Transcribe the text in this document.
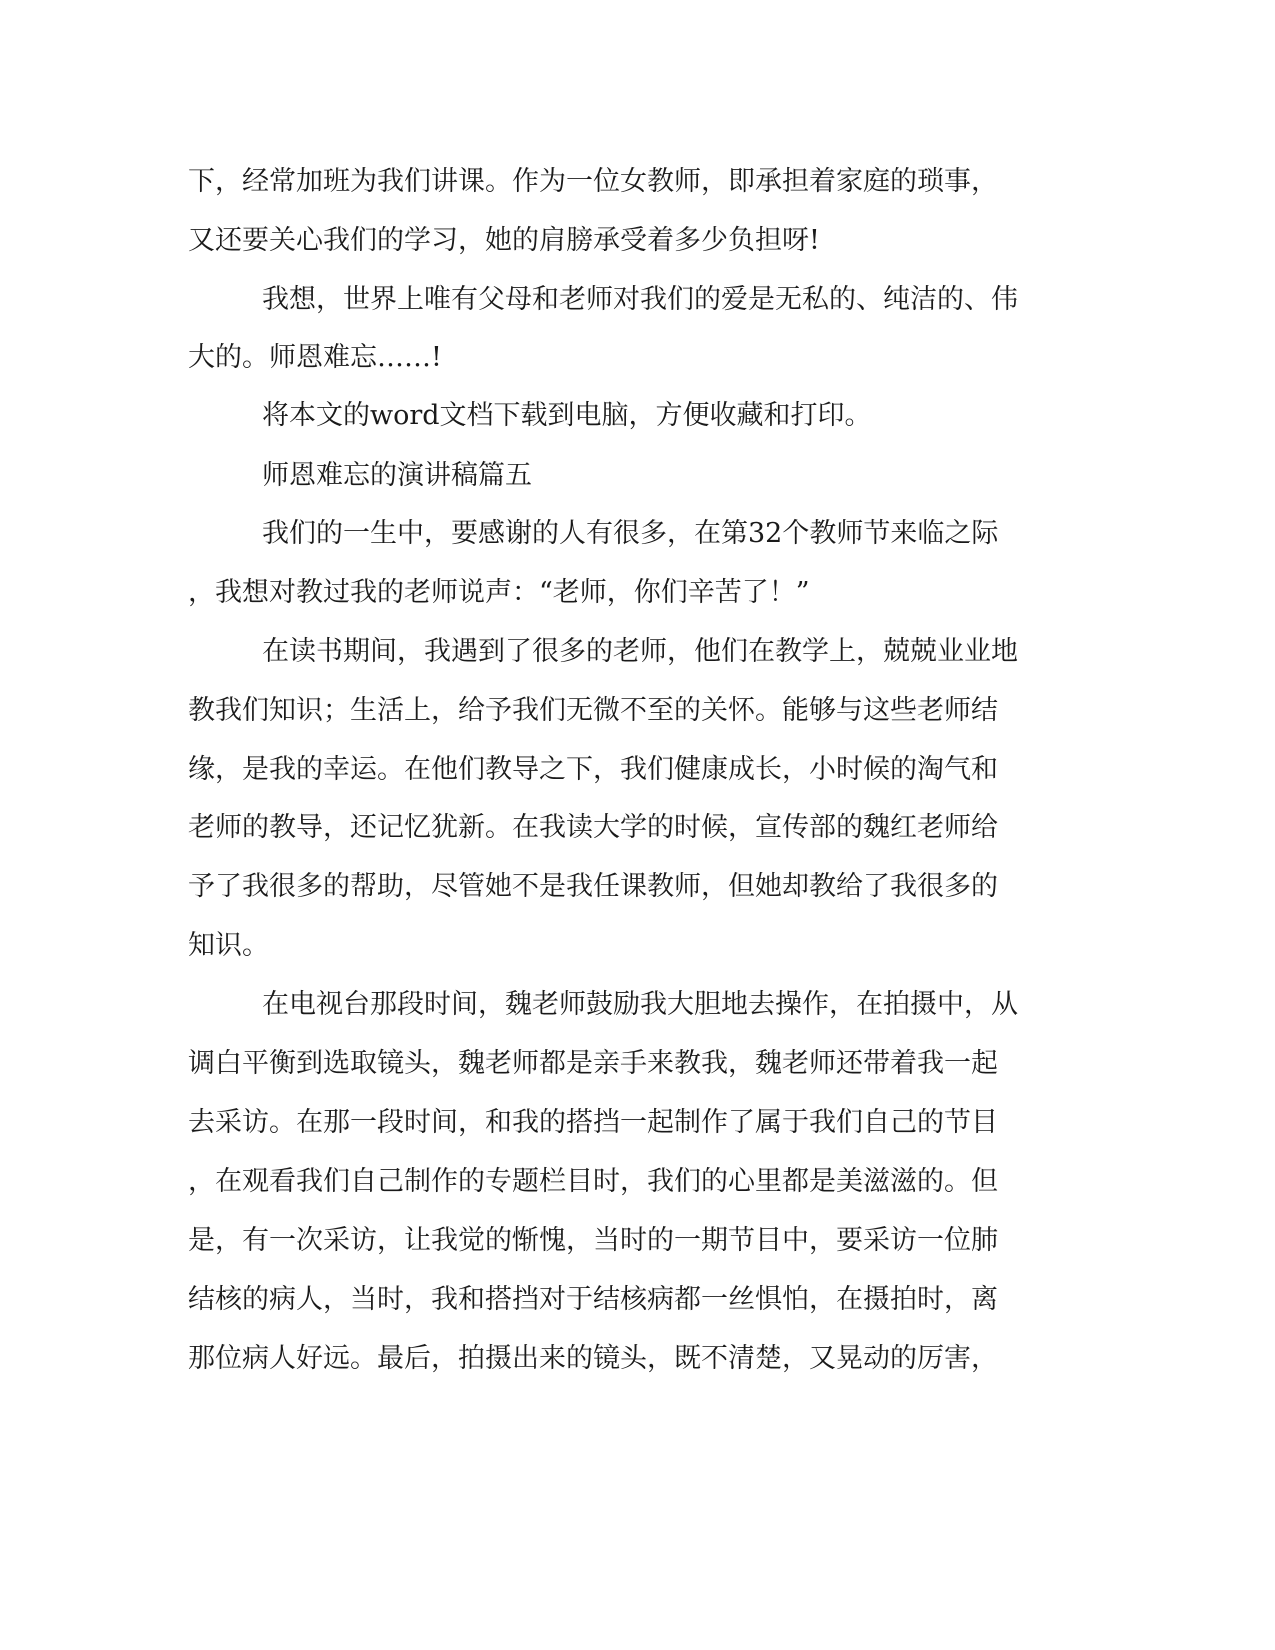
下，经常加班为我们讲课。作为一位女教师，即承担着家庭的琐事，
又还要关心我们的学习，她的肩膀承受着多少负担呀!
我想，世界上唯有父母和老师对我们的爱是无私的、纯洁的、伟
大的。师恩难忘……!
将本文的word文档下载到电脑，方便收藏和打印。
师恩难忘的演讲稿篇五
我们的一生中，要感谢的人有很多，在第32个教师节来临之际
，我想对教过我的老师说声：“老师，你们辛苦了！”
在读书期间，我遇到了很多的老师，他们在教学上，兢兢业业地
教我们知识；生活上，给予我们无微不至的关怀。能够与这些老师结
缘，是我的幸运。在他们教导之下，我们健康成长，小时候的淘气和
老师的教导，还记忆犹新。在我读大学的时候，宣传部的魏红老师给
予了我很多的帮助，尽管她不是我任课教师，但她却教给了我很多的
知识。
在电视台那段时间，魏老师鼓励我大胆地去操作，在拍摄中，从
调白平衡到选取镜头，魏老师都是亲手来教我，魏老师还带着我一起
去采访。在那一段时间，和我的搭挡一起制作了属于我们自己的节目
，在观看我们自己制作的专题栏目时，我们的心里都是美滋滋的。但
是，有一次采访，让我觉的惭愧，当时的一期节目中，要采访一位肺
结核的病人，当时，我和搭挡对于结核病都一丝惧怕，在摄拍时，离
那位病人好远。最后，拍摄出来的镜头，既不清楚，又晃动的厉害，
